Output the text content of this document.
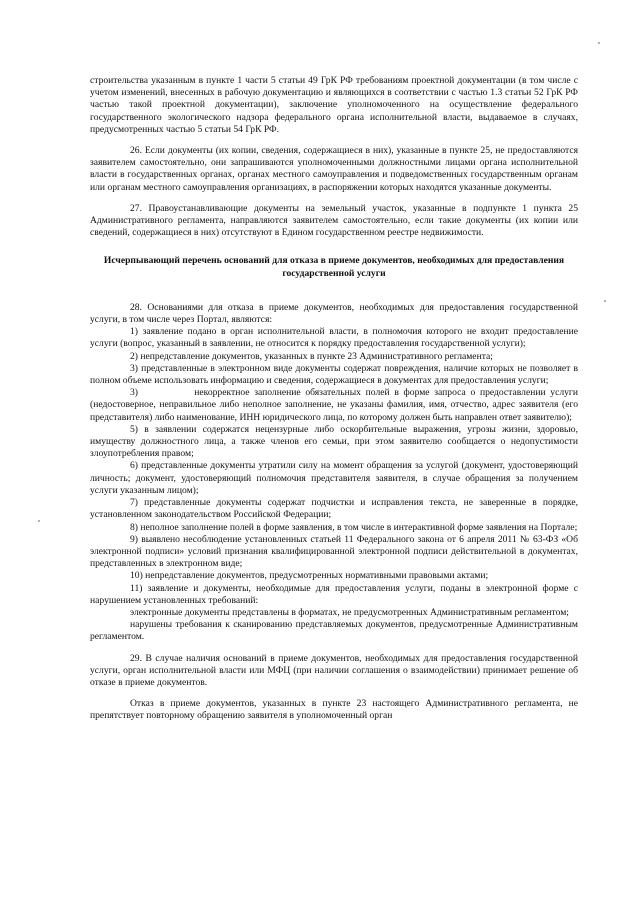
строительства указанным в пункте 1 части 5 статьи 49 ГрК РФ требованиям проектной документации (в том числе с учетом изменений, внесенных в рабочую документацию и являющихся в соответствии с частью 1.3 статьи 52 ГрК РФ частью такой проектной документации), заключение уполномоченного на осуществление федерального государственного экологического надзора федерального органа исполнительной власти, выдаваемое в случаях, предусмотренных частью 5 статьи 54 ГрК РФ.

26. Если документы (их копии, сведения, содержащиеся в них), указанные в пункте 25, не предоставляются заявителем самостоятельно, они запрашиваются уполномоченными должностными лицами органа исполнительной власти в государственных органах, органах местного самоуправления и подведомственных государственным органам или органам местного самоуправления организациях, в распоряжении которых находятся указанные документы.

27. Правоустанавливающие документы на земельный участок, указанные в подпункте 1 пункта 25 Административного регламента, направляются заявителем самостоятельно, если такие документы (их копии или сведений, содержащиеся в них) отсутствуют в Едином государственном реестре недвижимости.

Исчерпывающий перечень оснований для отказа в приеме документов, необходимых для предоставления государственной услуги

28. Основаниями для отказа в приеме документов, необходимых для предоставления государственной услуги, в том числе через Портал, являются:

1) заявление подано в орган исполнительной власти, в полномочия которого не входит предоставление услуги (вопрос, указанный в заявлении, не относится к порядку предоставления государственной услуги);

2) непредставление документов, указанных в пункте 23 Административного регламента;

3) представленные в электронном виде документы содержат повреждения, наличие которых не позволяет в полном объеме использовать информацию и сведения, содержащиеся в документах для предоставления услуги;

3)            некорректное заполнение обязательных полей в форме запроса о предоставлении услуги (недостоверное, неправильное либо неполное заполнение, не указаны фамилия, имя, отчество, адрес заявителя (его представителя) либо наименование, ИНН юридического лица, по которому должен быть направлен ответ заявителю);

5) в заявлении содержатся нецензурные либо оскорбительные выражения, угрозы жизни, здоровью, имуществу должностного лица, а также членов его семьи, при этом заявителю сообщается о недопустимости злоупотребления правом;

6) представленные документы утратили силу на момент обращения за услугой (документ, удостоверяющий личность; документ, удостоверяющий полномочия представителя заявителя, в случае обращения за получением услуги указанным лицом);

7) представленные документы содержат подчистки и исправления текста, не заверенные в порядке, установленном законодательством Российской Федерации;

8) неполное заполнение полей в форме заявления, в том числе в интерактивной форме заявления на Портале;

9) выявлено несоблюдение установленных статьей 11 Федерального закона от 6 апреля 2011 № 63-ФЗ «Об электронной подписи» условий признания квалифицированной электронной подписи действительной в документах, представленных в электронном виде;

10) непредставление документов, предусмотренных нормативными правовыми актами;

11) заявление и документы, необходимые для предоставления услуги, поданы в электронной форме с нарушением установленных требований:

электронные документы представлены в форматах, не предусмотренных Административным регламентом;

нарушены требования к сканированию представляемых документов, предусмотренные Административным регламентом.

29. В случае наличия оснований в приеме документов, необходимых для предоставления государственной услуги, орган исполнительной власти или МФЦ (при наличии соглашения о взаимодействии) принимает решение об отказе в приеме документов.

Отказ в приеме документов, указанных в пункте 23 настоящего Административного регламента, не препятствует повторному обращению заявителя в уполномоченный орган
